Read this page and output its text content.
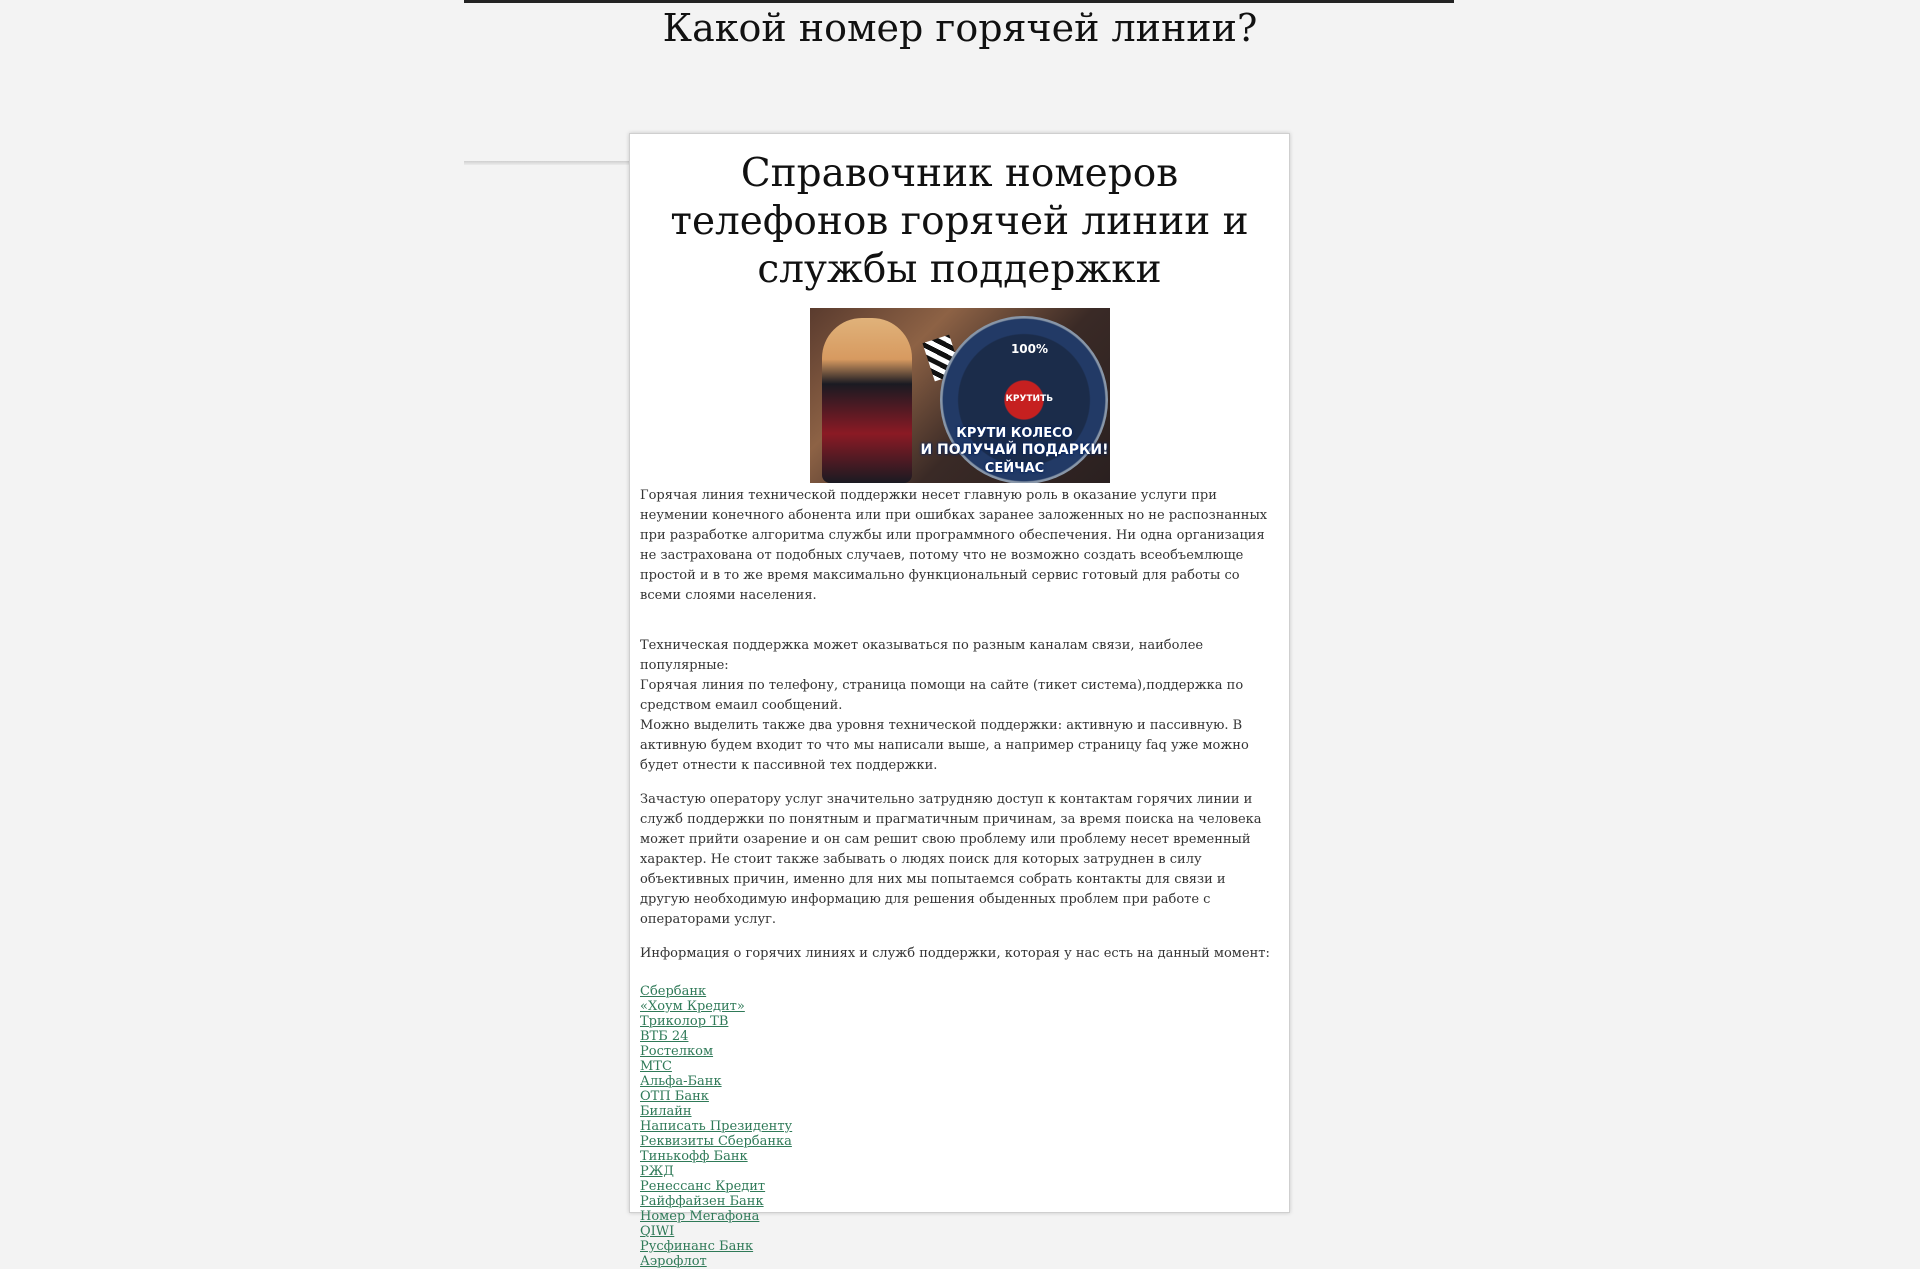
Какой номер горячей линии?
Справочник номеров телефонов горячей линии и службы поддержки
100%
КРУТИТЬ
КРУТИ КОЛЕСО
И ПОЛУЧАЙ ПОДАРКИ!
СЕЙЧАС

Горячая линия технической поддержки несет главную роль в оказание услуги при неумении конечного абонента или при ошибках заранее заложенных но не распознанных при разработке алгоритма службы или программного обеспечения. Ни одна организация не застрахована от подобных случаев, потому что не возможно создать всеобъемлюще простой и в то же время максимально функциональный сервис готовый для работы со всеми слоями населения.

Техническая поддержка может оказываться по разным каналам связи, наиболее популярные:
Горячая линия по телефону, страница помощи на сайте (тикет система),поддержка по средством емаил сообщений.
Можно выделить также два уровня технической поддержки: активную и пассивную. В активную будем входит то что мы написали выше, а например страницу faq уже можно будет отнести к пассивной тех поддержки.

Зачастую оператору услуг значительно затрудняю доступ к контактам горячих линии и служб поддержки по понятным и прагматичным причинам, за время поиска на человека может прийти озарение и он сам решит свою проблему или проблему несет временный характер. Не стоит также забывать о людях поиск для которых затруднен в силу объективных причин, именно для них мы попытаемся собрать контакты для связи и другую необходимую информацию для решения обыденных проблем при работе с операторами услуг.

Информация о горячих линиях и служб поддержки, которая у нас есть на данный момент:

Сбербанк
«Хоум Кредит»
Триколор ТВ
ВТБ 24
Ростелком
МТС
Альфа-Банк
ОТП Банк
Билайн
Написать Президенту
Реквизиты Сбербанка
Тинькофф Банк
РЖД
Ренессанс Кредит
Райффайзен Банк
Номер Мегафона
QIWI
Русфинанс Банк
Аэрофлот
